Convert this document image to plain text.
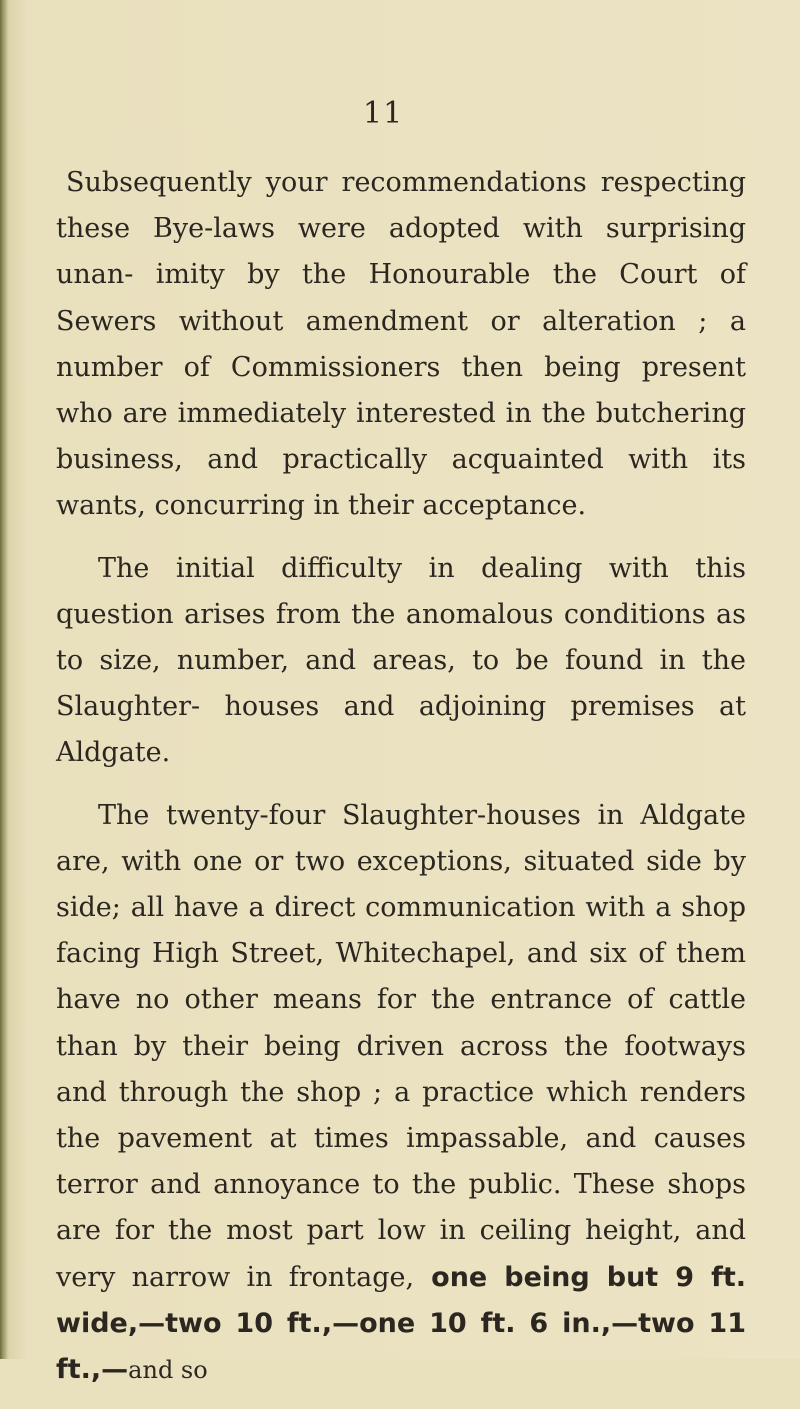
11

Subsequently your recommendations respecting these Bye-laws were adopted with surprising unan- imity by the Honourable the Court of Sewers without amendment or alteration ; a number of Commissioners then being present who are immediately interested in the butchering business, and practically acquainted with its wants, concurring in their acceptance.

The initial difficulty in dealing with this question arises from the anomalous conditions as to size, number, and areas, to be found in the Slaughter- houses and adjoining premises at Aldgate.

The twenty-four Slaughter-houses in Aldgate are, with one or two exceptions, situated side by side; all have a direct communication with a shop facing High Street, Whitechapel, and six of them have no other means for the entrance of cattle than by their being driven across the footways and through the shop ; a practice which renders the pavement at times impassable, and causes terror and annoyance to the public. These shops are for the most part low in ceiling height, and very narrow in frontage, one being but 9 ft. wide,—two 10 ft.,—one 10 ft. 6 in.,—two 11 ft.,—and so
